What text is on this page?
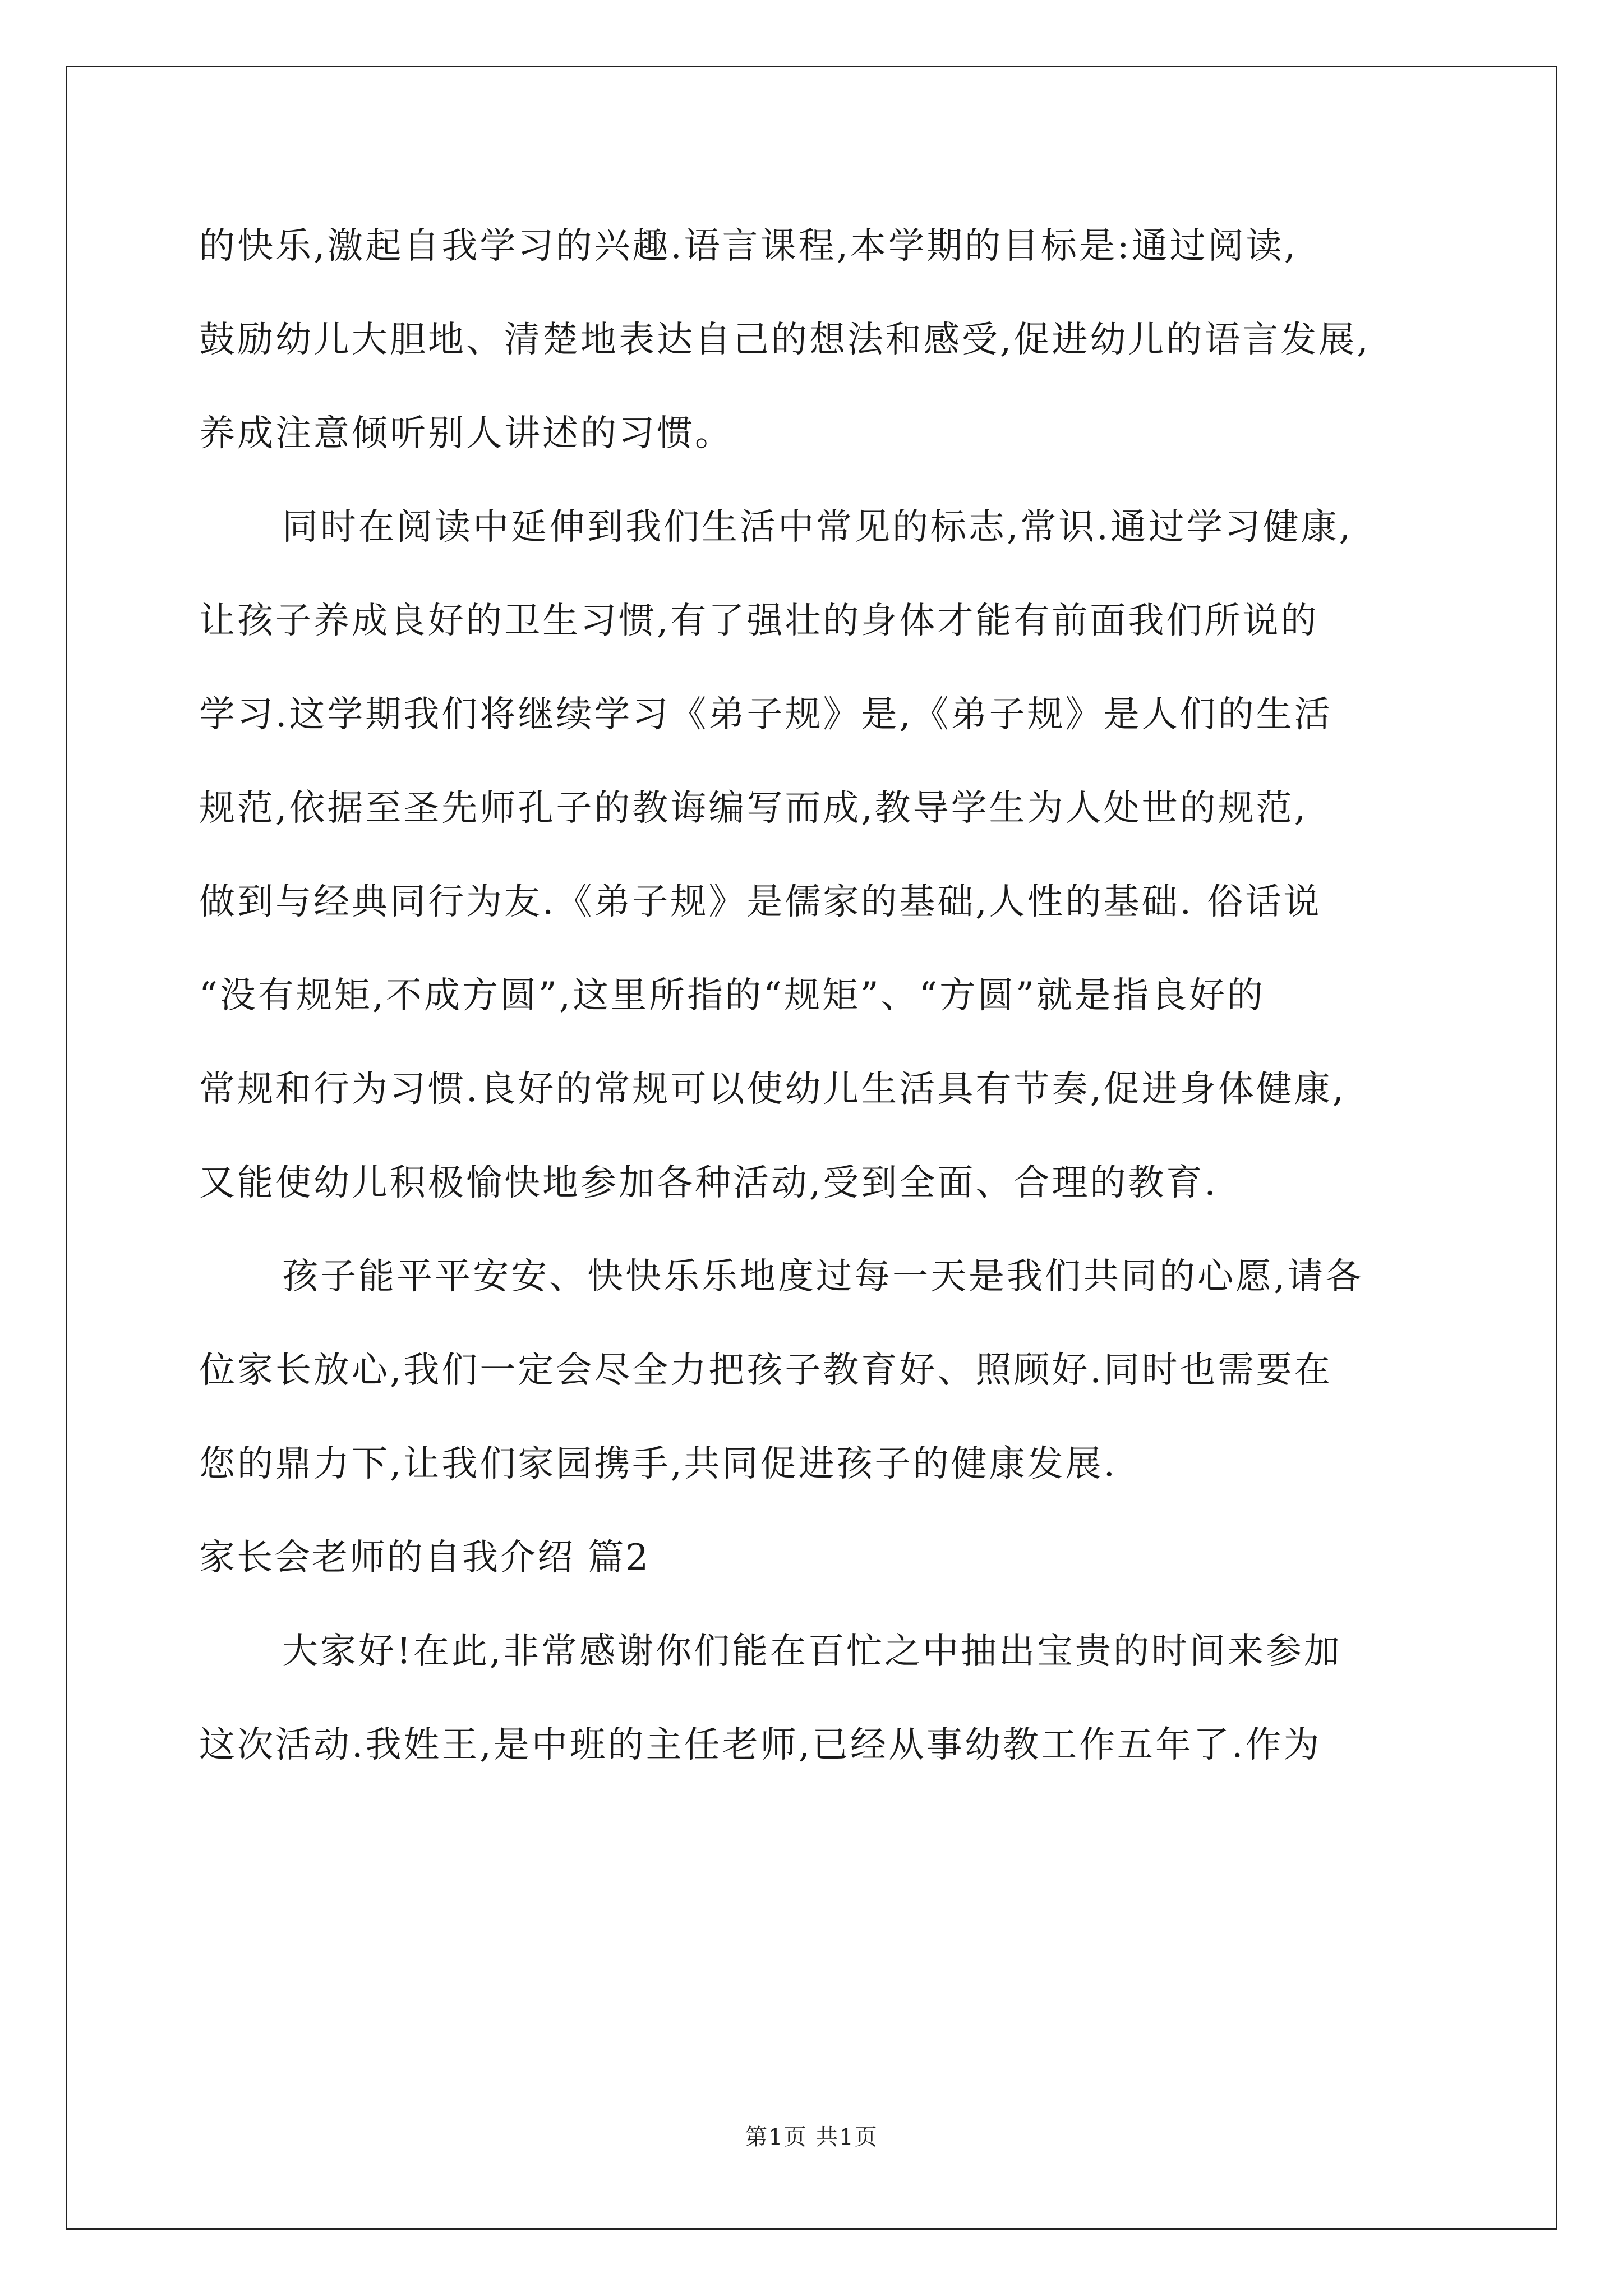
的快乐,激起自我学习的兴趣.语言课程,本学期的目标是:通过阅读,
鼓励幼儿大胆地、清楚地表达自己的想法和感受,促进幼儿的语言发展,
养成注意倾听别人讲述的习惯。
同时在阅读中延伸到我们生活中常见的标志,常识.通过学习健康,
让孩子养成良好的卫生习惯,有了强壮的身体才能有前面我们所说的
学习.这学期我们将继续学习《弟子规》是,《弟子规》是人们的生活
规范,依据至圣先师孔子的教诲编写而成,教导学生为人处世的规范,
做到与经典同行为友.《弟子规》是儒家的基础,人性的基础. 俗话说
“没有规矩,不成方圆”,这里所指的“规矩”、“方圆”就是指良好的
常规和行为习惯.良好的常规可以使幼儿生活具有节奏,促进身体健康,
又能使幼儿积极愉快地参加各种活动,受到全面、合理的教育.
孩子能平平安安、快快乐乐地度过每一天是我们共同的心愿,请各
位家长放心,我们一定会尽全力把孩子教育好、照顾好.同时也需要在
您的鼎力下,让我们家园携手,共同促进孩子的健康发展.
家长会老师的自我介绍 篇2
大家好!在此,非常感谢你们能在百忙之中抽出宝贵的时间来参加
这次活动.我姓王,是中班的主任老师,已经从事幼教工作五年了.作为
第1页 共1页
